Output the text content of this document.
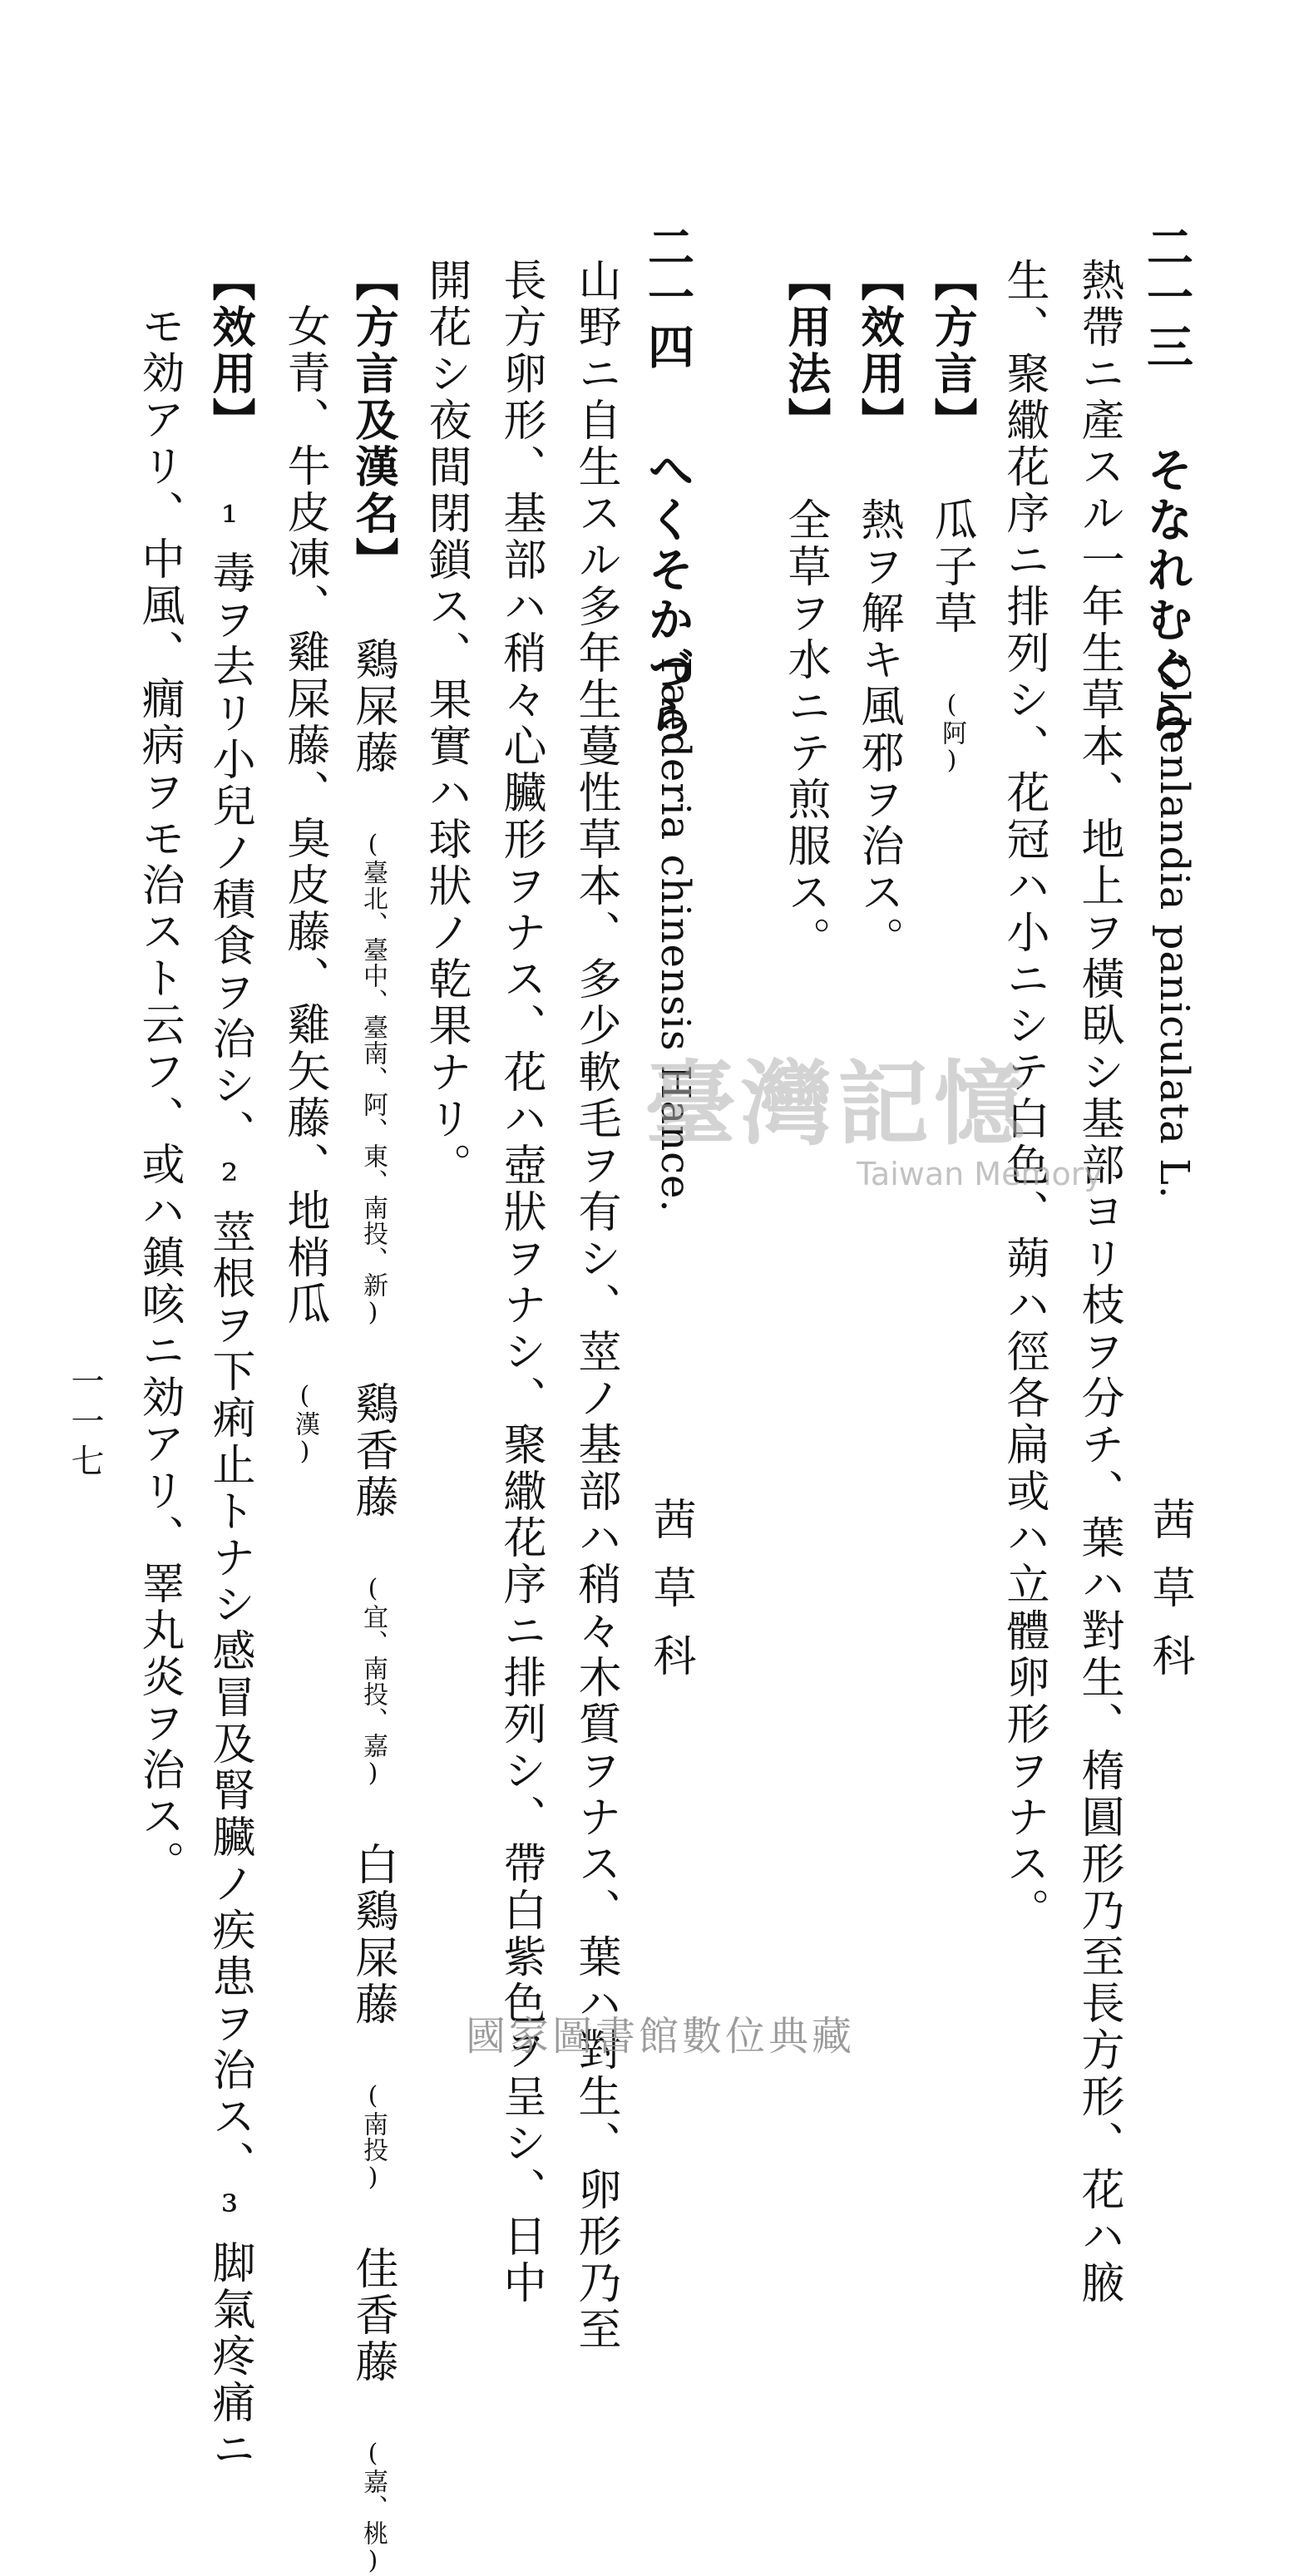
二一三 そなれむぐら
Oldenlandia paniculata L.
茜草科
熱帶ニ產スル一年生草本、地上ヲ橫臥シ基部ヨリ枝ヲ分チ、葉ハ對生、楕圓形乃至長方形、花ハ腋
生、聚繖花序ニ排列シ、花冠ハ小ニシテ白色、蒴ハ徑各扁或ハ立體卵形ヲナス。
【方言】 瓜子草 (阿)
【效用】 熱ヲ解キ風邪ヲ治ス。
【用法】 全草ヲ水ニテ煎服ス。
二一四 へくそかづら
Paederia chinensis Hance.
茜草科
山野ニ自生スル多年生蔓性草本、多少軟毛ヲ有シ、莖ノ基部ハ稍々木質ヲナス、葉ハ對生、卵形乃至
長方卵形、基部ハ稍々心臟形ヲナス、花ハ壺狀ヲナシ、聚繖花序ニ排列シ、帶白紫色ヲ呈シ、日中
開花シ夜間閉鎖ス、果實ハ球狀ノ乾果ナリ。
【方言及漢名】 鷄屎藤 (臺北、臺中、臺南、阿、東、南投、新) 鷄香藤 (宜、南投、嘉) 白鷄屎藤 (南投) 佳香藤 (嘉、桃)
女青、牛皮凍、雞屎藤、臭皮藤、雞矢藤、地梢瓜 (漢)
【效用】 ¹毒ヲ去リ小兒ノ積食ヲ治シ、²莖根ヲ下痢止トナシ感冒及腎臟ノ疾患ヲ治ス、³脚氣疼痛ニ
モ効アリ、中風、癇病ヲモ治スト云フ、或ハ鎮咳ニ効アリ、睪丸炎ヲ治ス。
一一七
臺灣記憶
Taiwan Memory
國家圖書館數位典藏
